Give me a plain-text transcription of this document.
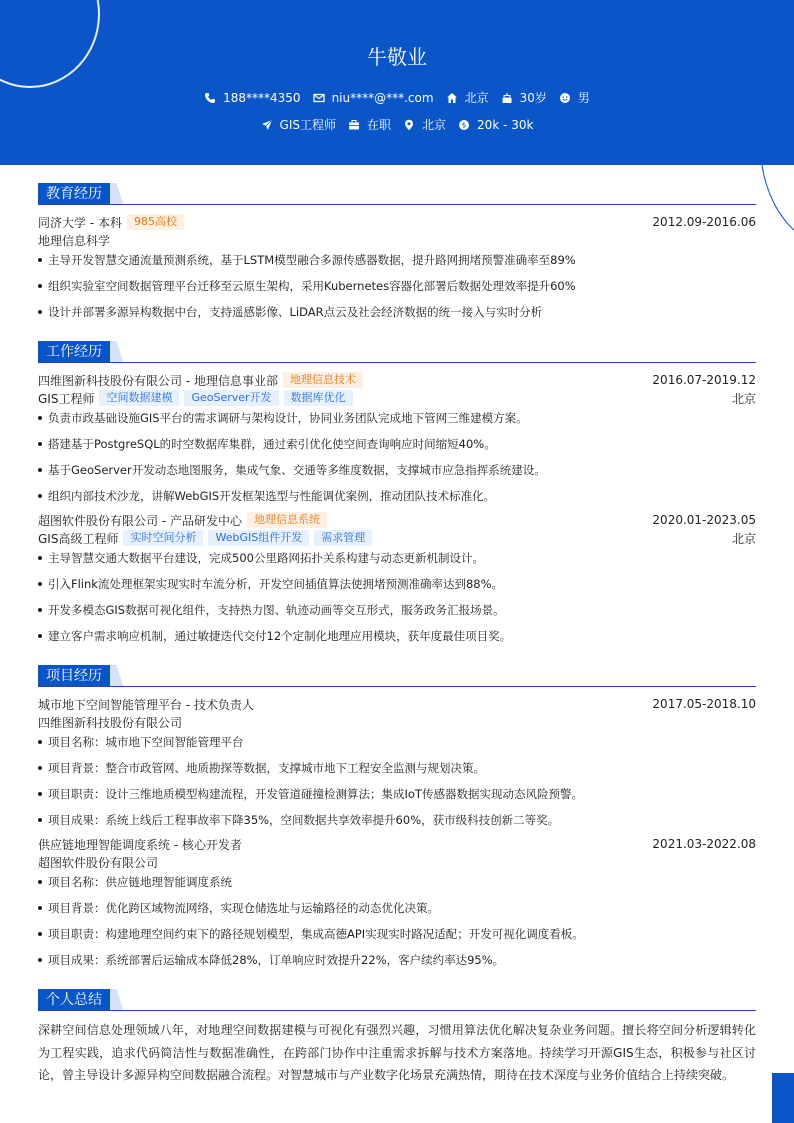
牛敬业
188****4350	niu****@***.com	北京	30岁	男
GIS工程师	在职	北京 $ 20k - 30k
教育经历
同济大学 - 本科	985高校	2012.09-2016.06
地理信息科学
主导开发智慧交通流量预测系统，基于LSTM模型融合多源传感器数据，提升路网拥堵预警准确率至89%
组织实验室空间数据管理平台迁移至云原生架构，采用Kubernetes容器化部署后数据处理效率提升60%
设计并部署多源异构数据中台，支持遥感影像、LiDAR点云及社会经济数据的统一接入与实时分析
工作经历
四维图新科技股份有限公司 - 地理信息事业部	地理信息技术	2016.07-2019.12
GIS工程师	空间数据建模	GeoServer开发	数据库优化	北京
负责市政基础设施GIS平台的需求调研与架构设计，协同业务团队完成地下管网三维建模方案。
搭建基于PostgreSQL的时空数据库集群，通过索引优化使空间查询响应时间缩短40%。
基于GeoServer开发动态地图服务，集成气象、交通等多维度数据，支撑城市应急指挥系统建设。
组织内部技术沙龙，讲解WebGIS开发框架选型与性能调优案例，推动团队技术标准化。
超图软件股份有限公司 - 产品研发中心	地理信息系统	2020.01-2023.05
GIS高级工程师	实时空间分析	WebGIS组件开发	需求管理	北京
主导智慧交通大数据平台建设，完成500公里路网拓扑关系构建与动态更新机制设计。
引入Flink流处理框架实现实时车流分析，开发空间插值算法使拥堵预测准确率达到88%。
开发多模态GIS数据可视化组件，支持热力图、轨迹动画等交互形式，服务政务汇报场景。
建立客户需求响应机制，通过敏捷迭代交付12个定制化地理应用模块，获年度最佳项目奖。
项目经历
城市地下空间智能管理平台 - 技术负责人	2017.05-2018.10
四维图新科技股份有限公司
项目名称：城市地下空间智能管理平台
项目背景：整合市政管网、地质勘探等数据，支撑城市地下工程安全监测与规划决策。
项目职责：设计三维地质模型构建流程，开发管道碰撞检测算法；集成IoT传感器数据实现动态风险预警。
项目成果：系统上线后工程事故率下降35%，空间数据共享效率提升60%，获市级科技创新二等奖。
供应链地理智能调度系统 - 核心开发者	2021.03-2022.08
超图软件股份有限公司
项目名称：供应链地理智能调度系统
项目背景：优化跨区域物流网络，实现仓储选址与运输路径的动态优化决策。
项目职责：构建地理空间约束下的路径规划模型，集成高德API实现实时路况适配；开发可视化调度看板。
项目成果：系统部署后运输成本降低28%，订单响应时效提升22%，客户续约率达95%。
个人总结
深耕空间信息处理领域八年，对地理空间数据建模与可视化有强烈兴趣，习惯用算法优化解决复杂业务问题。擅长将空间分析逻辑转化为工程实践，追求代码简洁性与数据准确性，在跨部门协作中注重需求拆解与技术方案落地。持续学习开源GIS生态，积极参与社区讨论，曾主导设计多源异构空间数据融合流程。对智慧城市与产业数字化场景充满热情，期待在技术深度与业务价值结合上持续突破。
